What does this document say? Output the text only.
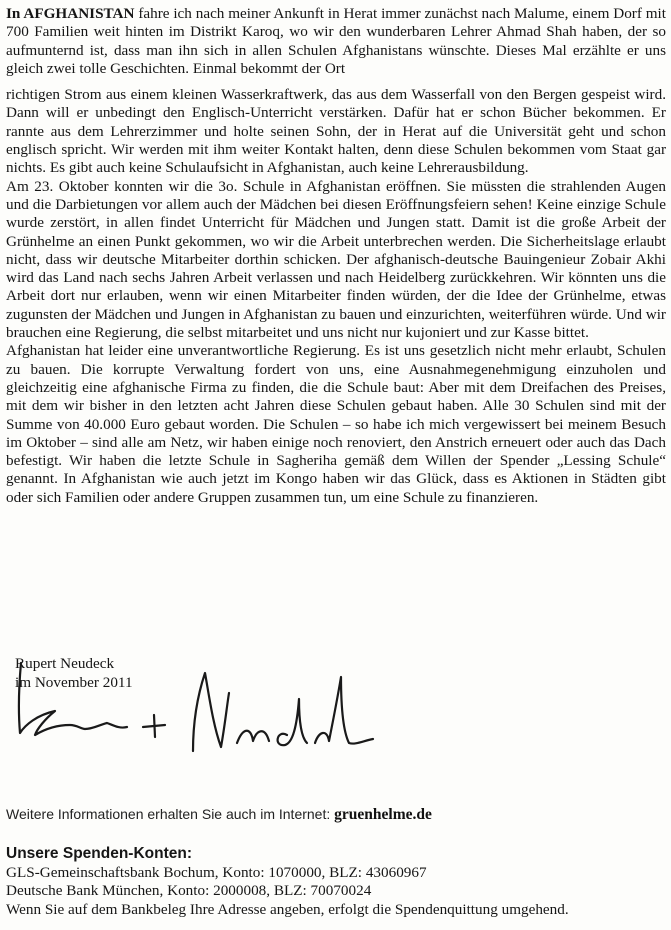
In AFGHANISTAN fahre ich nach meiner Ankunft in Herat immer zunächst nach Malume, einem Dorf mit 700 Familien weit hinten im Distrikt Karoq, wo wir den wunderbaren Lehrer Ahmad Shah haben, der so aufmunternd ist, dass man ihn sich in allen Schulen Afghanistans wünschte. Dieses Mal erzählte er uns gleich zwei tolle Geschichten. Einmal bekommt der Ort

richtigen Strom aus einem kleinen Wasserkraftwerk, das aus dem Wasserfall von den Bergen gespeist wird. Dann will er unbedingt den Englisch-Unterricht verstärken. Dafür hat er schon Bücher bekommen. Er rannte aus dem Lehrerzimmer und holte seinen Sohn, der in Herat auf die Universität geht und schon englisch spricht. Wir werden mit ihm weiter Kontakt halten, denn diese Schulen bekommen vom Staat gar nichts. Es gibt auch keine Schulaufsicht in Afghanistan, auch keine Lehrerausbildung.

Am 23. Oktober konnten wir die 3o. Schule in Afghanistan eröffnen. Sie müssten die strahlenden Augen und die Darbietungen vor allem auch der Mädchen bei diesen Eröffnungsfeiern sehen! Keine einzige Schule wurde zerstört, in allen findet Unterricht für Mädchen und Jungen statt. Damit ist die große Arbeit der Grünhelme an einen Punkt gekommen, wo wir die Arbeit unterbrechen werden. Die Sicherheitslage erlaubt nicht, dass wir deutsche Mitarbeiter dorthin schicken. Der afghanisch-deutsche Bauingenieur Zobair Akhi wird das Land nach sechs Jahren Arbeit verlassen und nach Heidelberg zurückkehren. Wir könnten uns die Arbeit dort nur erlauben, wenn wir einen Mitarbeiter finden würden, der die Idee der Grünhelme, etwas zugunsten der Mädchen und Jungen in Afghanistan zu bauen und einzurichten, weiterführen würde. Und wir brauchen eine Regierung, die selbst mitarbeitet und uns nicht nur kujoniert und zur Kasse bittet.

Afghanistan hat leider eine unverantwortliche Regierung. Es ist uns gesetzlich nicht mehr erlaubt, Schulen zu bauen. Die korrupte Verwaltung fordert von uns, eine Ausnahmegenehmigung einzuholen und gleichzeitig eine afghanische Firma zu finden, die die Schule baut: Aber mit dem Dreifachen des Preises, mit dem wir bisher in den letzten acht Jahren diese Schulen gebaut haben. Alle 30 Schulen sind mit der Summe von 40.000 Euro gebaut worden. Die Schulen – so habe ich mich vergewissert bei meinem Besuch im Oktober – sind alle am Netz, wir haben einige noch renoviert, den Anstrich erneuert oder auch das Dach befestigt. Wir haben die letzte Schule in Sagheriha gemäß dem Willen der Spender „Lessing Schule“ genannt. In Afghanistan wie auch jetzt im Kongo haben wir das Glück, dass es Aktionen in Städten gibt oder sich Familien oder andere Gruppen zusammen tun, um eine Schule zu finanzieren.

Rupert Neudeck
im November 2011
Weitere Informationen erhalten Sie auch im Internet: gruenhelme.de
Unsere Spenden-Konten:
GLS-Gemeinschaftsbank Bochum, Konto: 1070000, BLZ: 43060967
Deutsche Bank München, Konto: 2000008, BLZ: 70070024
Wenn Sie auf dem Bankbeleg Ihre Adresse angeben, erfolgt die Spendenquittung umgehend.
